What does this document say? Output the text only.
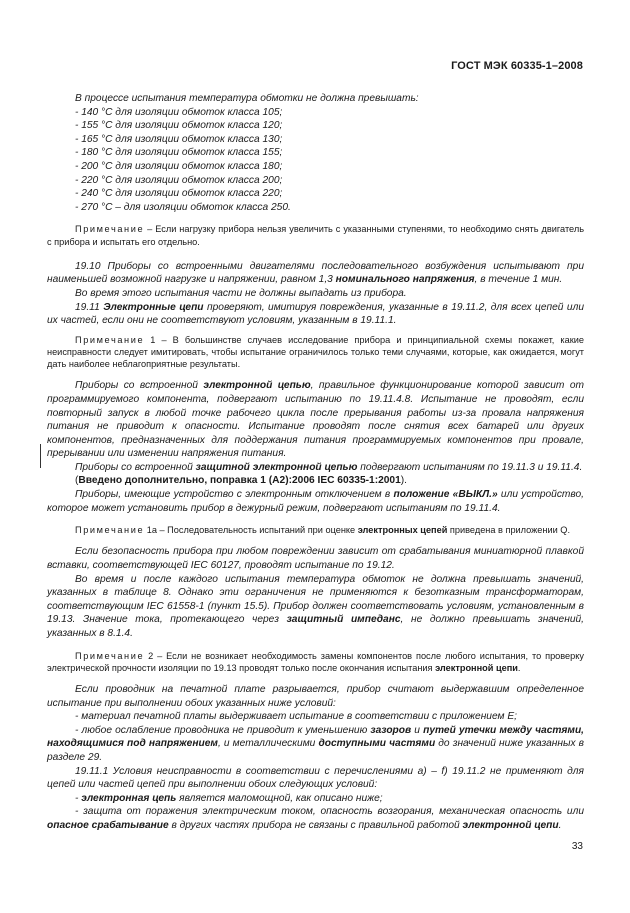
ГОСТ МЭК 60335-1–2008

В процессе испытания температура обмотки не должна превышать:

- 140 °С для изоляции обмоток класса 105;

- 155 °С для изоляции обмоток класса 120;

- 165 °С для изоляции обмоток класса 130;

- 180 °С для изоляции обмоток класса 155;

- 200 °С для изоляции обмоток класса 180;

- 220 °С для изоляции обмоток класса 200;

- 240 °С для изоляции обмоток класса 220;

- 270 °С – для изоляции обмоток класса 250.

Примечание – Если нагрузку прибора нельзя увеличить с указанными ступенями, то необходимо снять двигатель с прибора и испытать его отдельно.

19.10 Приборы со встроенными двигателями последовательного возбуждения испытывают при наименьшей возможной нагрузке и напряжении, равном 1,3 номинального напряжения, в течение 1 мин.

Во время этого испытания части не должны выпадать из прибора.

19.11 Электронные цепи проверяют, имитируя повреждения, указанные в 19.11.2, для всех цепей или их частей, если они не соответствуют условиям, указанным в 19.11.1.

Примечание 1 – В большинстве случаев исследование прибора и принципиальной схемы покажет, какие неисправности следует имитировать, чтобы испытание ограничилось только теми случаями, которые, как ожидается, могут дать наиболее неблагоприятные результаты.

Приборы со встроенной электронной цепью, правильное функционирование которой зависит от программируемого компонента, подвергают испытанию по 19.11.4.8. Испытание не проводят, если повторный запуск в любой точке рабочего цикла после прерывания работы из-за провала напряжения питания не приводит к опасности. Испытание проводят после снятия всех батарей или других компонентов, предназначенных для поддержания питания программируемых компонентов при провале, прерывании или изменении напряжения питания.

Приборы со встроенной защитной электронной цепью подвергают испытаниям по 19.11.3 и 19.11.4.

(Введено дополнительно, поправка 1 (А2):2006 IEC 60335-1:2001).

Приборы, имеющие устройство с электронным отключением в положение «ВЫКЛ.» или устройство, которое может установить прибор в дежурный режим, подвергают испытаниям по 19.11.4.

Примечание 1а – Последовательность испытаний при оценке электронных цепей приведена в приложении Q.

Если безопасность прибора при любом повреждении зависит от срабатывания миниатюрной плавкой вставки, соответствующей IEC 60127, проводят испытание по 19.12.

Во время и после каждого испытания температура обмоток не должна превышать значений, указанных в таблице 8. Однако эти ограничения не применяются к безотказным трансформаторам, соответствующим IEC 61558-1 (пункт 15.5). Прибор должен соответствовать условиям, установленным в 19.13. Значение тока, протекающего через защитный импеданс, не должно превышать значений, указанных в 8.1.4.

Примечание 2 – Если не возникает необходимость замены компонентов после любого испытания, то проверку электрической прочности изоляции по 19.13 проводят только после окончания испытания электронной цепи.

Если проводник на печатной плате разрывается, прибор считают выдержавшим определенное испытание при выполнении обоих указанных ниже условий:

- материал печатной платы выдерживает испытание в соответствии с приложением Е;

- любое ослабление проводника не приводит к уменьшению зазоров и путей утечки между частями, находящимися под напряжением, и металлическими доступными частями до значений ниже указанных в разделе 29.

19.11.1 Условия неисправности в соответствии с перечислениями а) – f) 19.11.2 не применяют для цепей или частей цепей при выполнении обоих следующих условий:

- электронная цепь является маломощной, как описано ниже;

- защита от поражения электрическим током, опасность возгорания, механическая опасность или опасное срабатывание в других частях прибора не связаны с правильной работой электронной цепи.

33
